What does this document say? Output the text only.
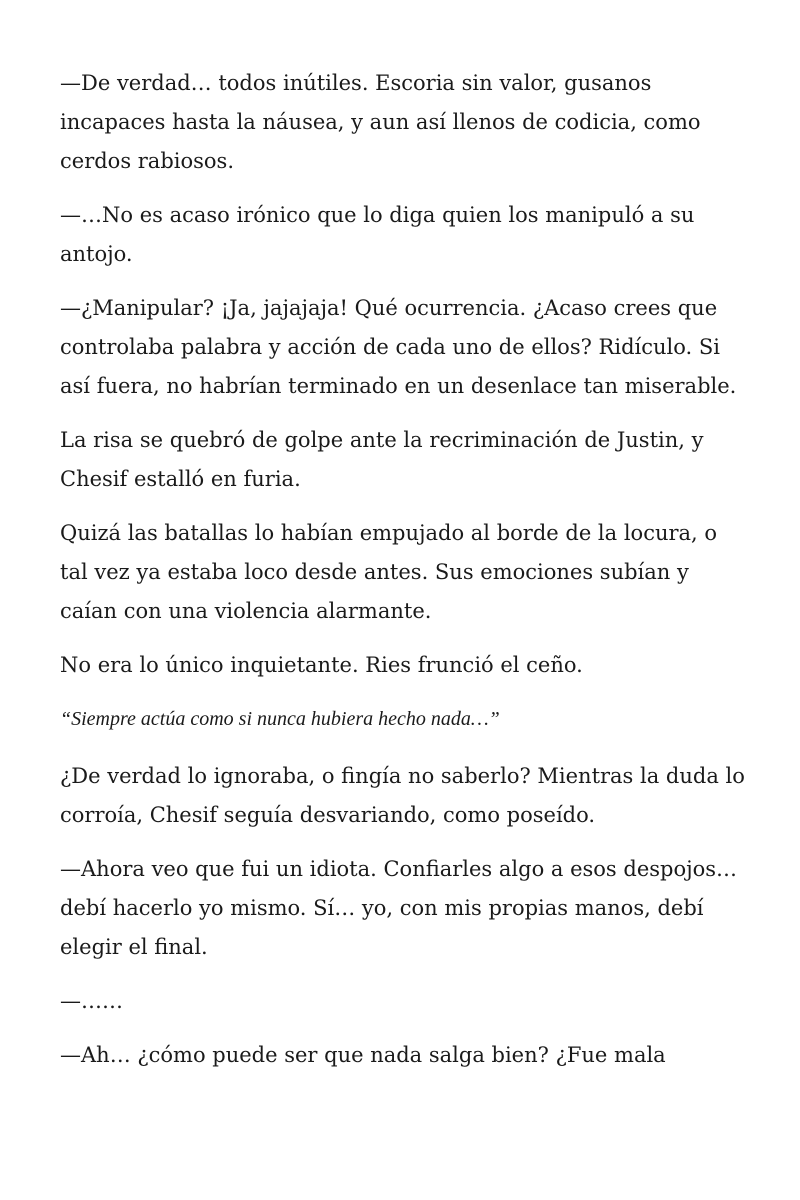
—De verdad… todos inútiles. Escoria sin valor, gusanos incapaces hasta la náusea, y aun así llenos de codicia, como cerdos rabiosos.

—…No es acaso irónico que lo diga quien los manipuló a su antojo.

—¿Manipular? ¡Ja, jajajaja! Qué ocurrencia. ¿Acaso crees que controlaba palabra y acción de cada uno de ellos? Ridículo. Si así fuera, no habrían terminado en un desenlace tan miserable.

La risa se quebró de golpe ante la recriminación de Justin, y Chesif estalló en furia.

Quizá las batallas lo habían empujado al borde de la locura, o tal vez ya estaba loco desde antes. Sus emociones subían y caían con una violencia alarmante.

No era lo único inquietante. Ries frunció el ceño.

“Siempre actúa como si nunca hubiera hecho nada…”

¿De verdad lo ignoraba, o fingía no saberlo? Mientras la duda lo corroía, Chesif seguía desvariando, como poseído.

—Ahora veo que fui un idiota. Confiarles algo a esos despojos… debí hacerlo yo mismo. Sí… yo, con mis propias manos, debí elegir el final.

—……

—Ah… ¿cómo puede ser que nada salga bien? ¿Fue mala
